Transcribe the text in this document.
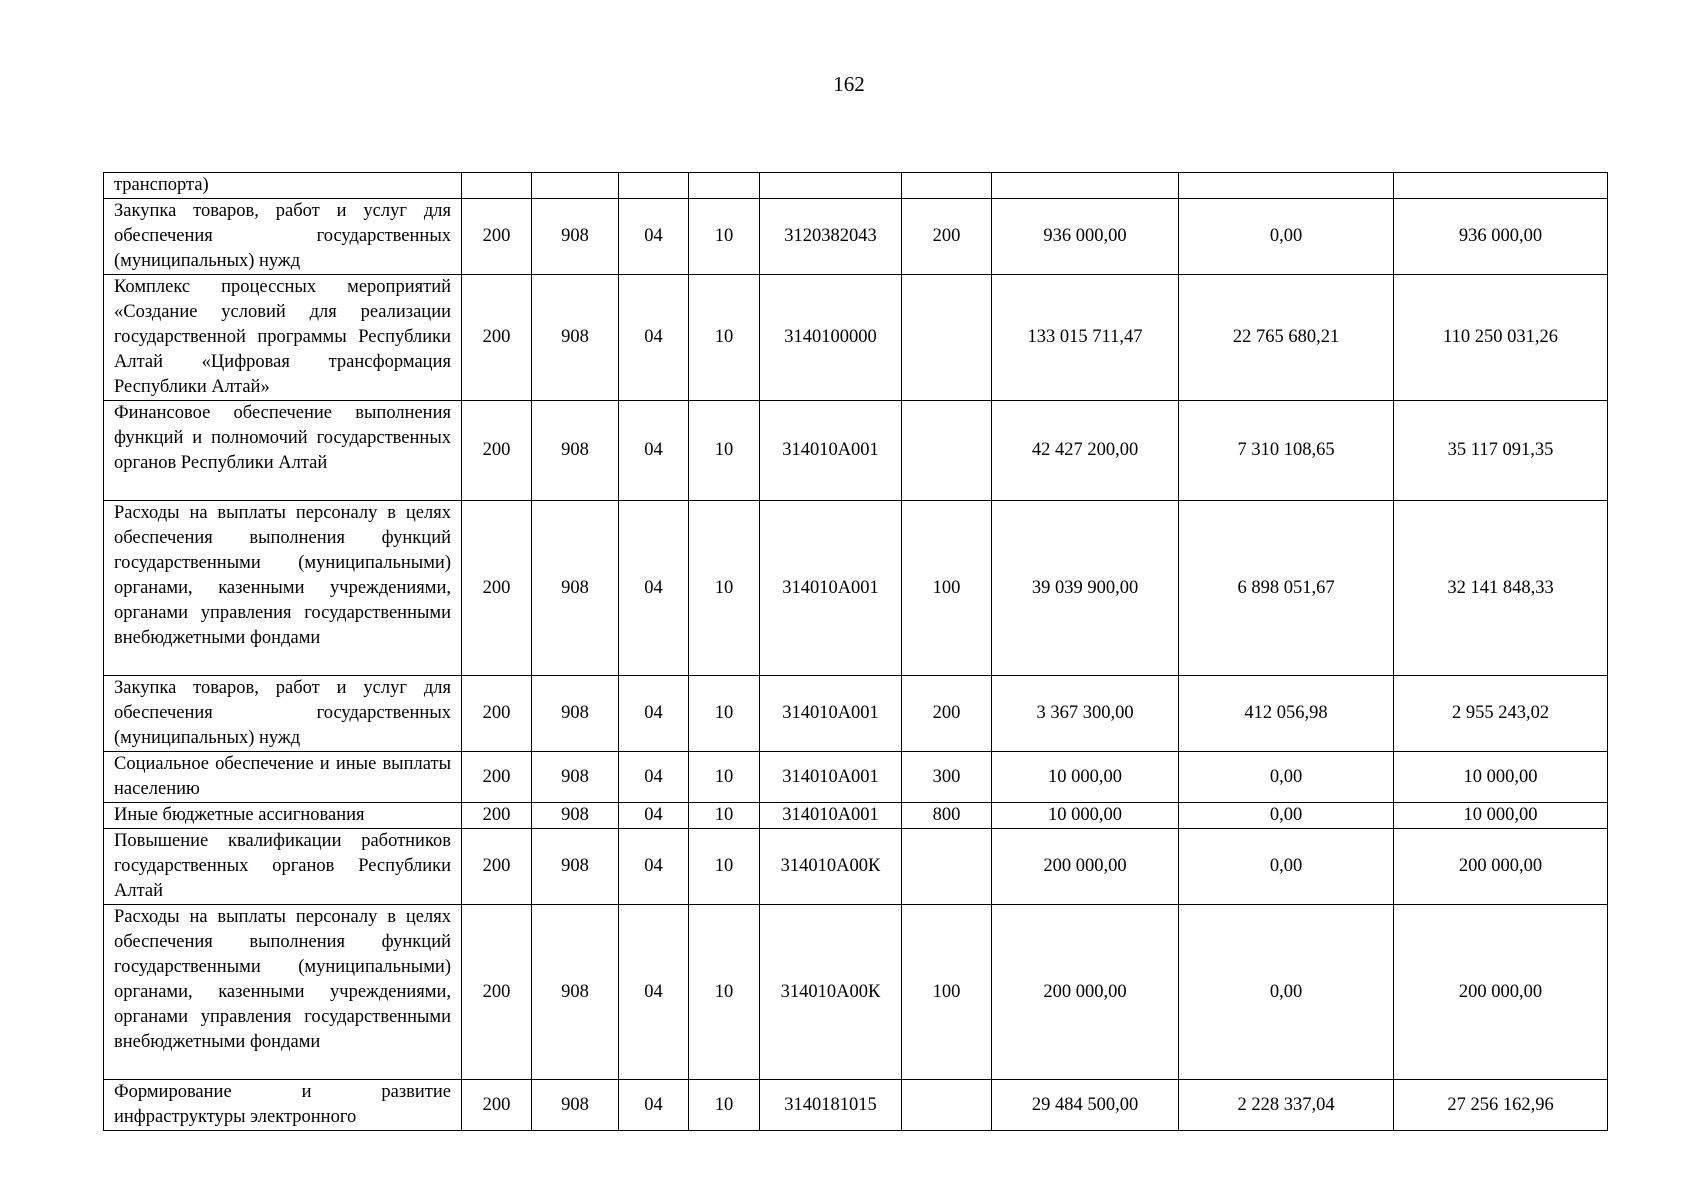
162
транспорта)									
Закупка товаров, работ и услуг для обеспечения государственных (муниципальных) нужд	200	908	04	10	3120382043	200	936 000,00	0,00	936 000,00
Комплекс процессных мероприятий «Создание условий для реализации государственной программы Республики Алтай «Цифровая трансформация Республики Алтай»	200	908	04	10	3140100000		133 015 711,47	22 765 680,21	110 250 031,26
Финансовое обеспечение выполнения функций и полномочий государственных органов Республики Алтай	200	908	04	10	314010А001		42 427 200,00	7 310 108,65	35 117 091,35
Расходы на выплаты персоналу в целях обеспечения выполнения функций государственными (муниципальными) органами, казенными учреждениями, органами управления государственными внебюджетными фондами	200	908	04	10	314010А001	100	39 039 900,00	6 898 051,67	32 141 848,33
Закупка товаров, работ и услуг для обеспечения государственных (муниципальных) нужд	200	908	04	10	314010А001	200	3 367 300,00	412 056,98	2 955 243,02
Социальное обеспечение и иные выплаты населению	200	908	04	10	314010А001	300	10 000,00	0,00	10 000,00
Иные бюджетные ассигнования	200	908	04	10	314010А001	800	10 000,00	0,00	10 000,00
Повышение квалификации работников государственных органов Республики Алтай	200	908	04	10	314010А00К		200 000,00	0,00	200 000,00
Расходы на выплаты персоналу в целях обеспечения выполнения функций государственными (муниципальными) органами, казенными учреждениями, органами управления государственными внебюджетными фондами	200	908	04	10	314010А00К	100	200 000,00	0,00	200 000,00
Формирование и развитие инфраструктуры электронного	200	908	04	10	3140181015		29 484 500,00	2 228 337,04	27 256 162,96
